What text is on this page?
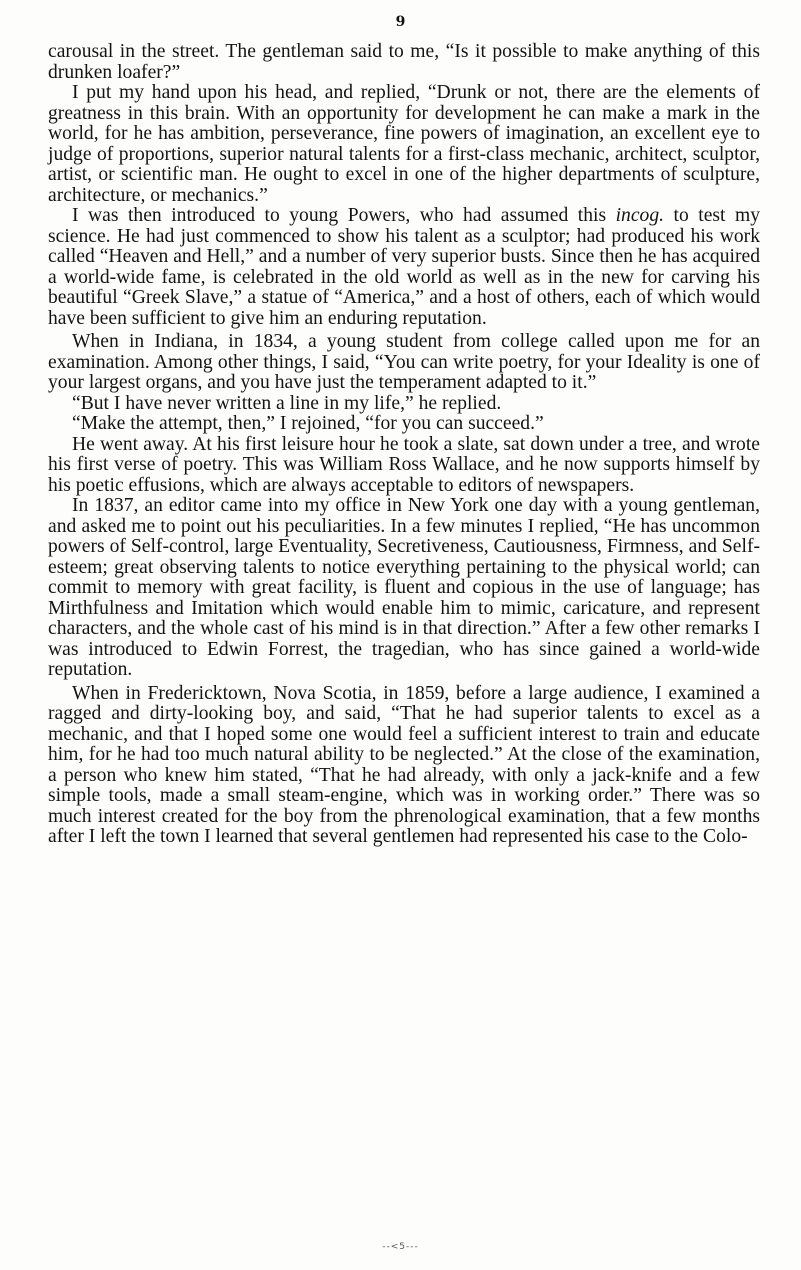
9

carousal in the street. The gentleman said to me, “Is it possible to make anything of this drunken loafer?”

I put my hand upon his head, and replied, “Drunk or not, there are the elements of greatness in this brain. With an opportunity for development he can make a mark in the world, for he has ambition, perseverance, fine powers of imagination, an excellent eye to judge of proportions, superior natural talents for a first-class mechanic, architect, sculptor, artist, or scientific man. He ought to excel in one of the higher departments of sculpture, architecture, or mechanics.”

I was then introduced to young Powers, who had assumed this incog. to test my science. He had just commenced to show his talent as a sculptor; had produced his work called “Heaven and Hell,” and a number of very superior busts. Since then he has acquired a world-wide fame, is celebrated in the old world as well as in the new for carving his beautiful “Greek Slave,” a statue of “America,” and a host of others, each of which would have been sufficient to give him an enduring reputation.

When in Indiana, in 1834, a young student from college called upon me for an examination. Among other things, I said, “You can write poetry, for your Ideality is one of your largest organs, and you have just the temperament adapted to it.”

“But I have never written a line in my life,” he replied.

“Make the attempt, then,” I rejoined, “for you can succeed.”

He went away. At his first leisure hour he took a slate, sat down under a tree, and wrote his first verse of poetry. This was William Ross Wallace, and he now supports himself by his poetic effusions, which are always acceptable to editors of newspapers.

In 1837, an editor came into my office in New York one day with a young gentleman, and asked me to point out his peculiarities. In a few minutes I replied, “He has uncommon powers of Self-control, large Eventuality, Secretiveness, Cautiousness, Firmness, and Self-esteem; great observing talents to notice everything pertaining to the physical world; can commit to memory with great facility, is fluent and copious in the use of language; has Mirthfulness and Imitation which would enable him to mimic, caricature, and represent characters, and the whole cast of his mind is in that direction.” After a few other remarks I was introduced to Edwin Forrest, the tragedian, who has since gained a world-wide reputation.

When in Fredericktown, Nova Scotia, in 1859, before a large audience, I examined a ragged and dirty-looking boy, and said, “That he had superior talents to excel as a mechanic, and that I hoped some one would feel a sufficient interest to train and educate him, for he had too much natural ability to be neglected.” At the close of the examination, a person who knew him stated, “That he had already, with only a jack-knife and a few simple tools, made a small steam-engine, which was in working order.” There was so much interest created for the boy from the phrenological examination, that a few months after I left the town I learned that several gentlemen had represented his case to the Colo-

--<5---
